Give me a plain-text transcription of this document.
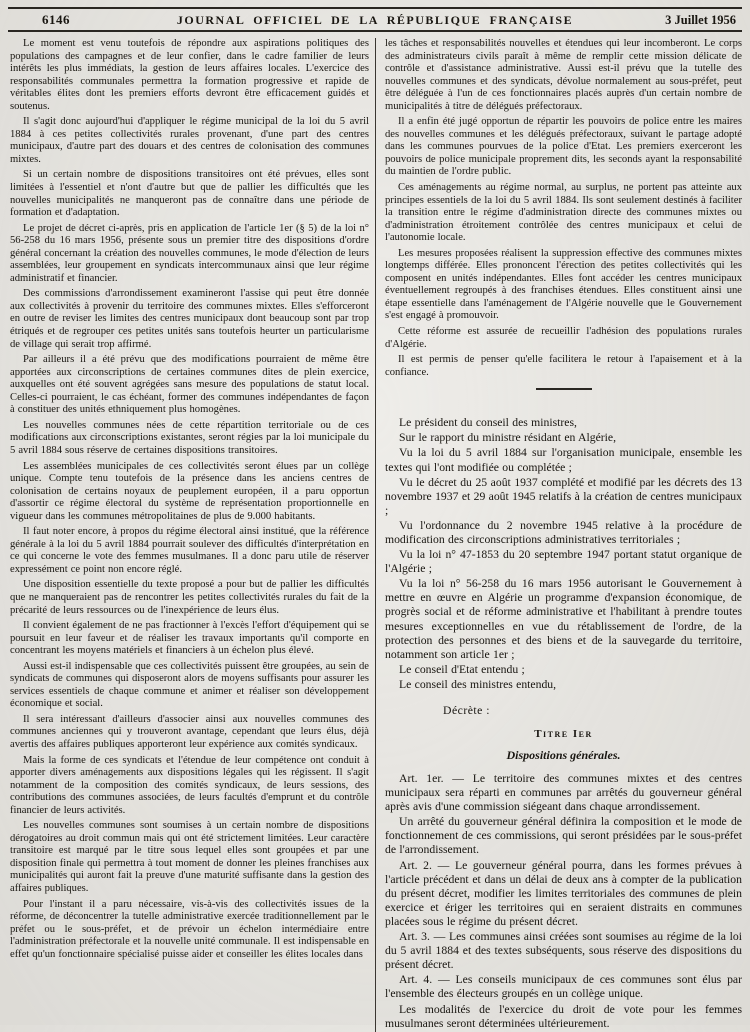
6146	JOURNAL OFFICIEL DE LA RÉPUBLIQUE FRANÇAISE	3 Juillet 1956

Le moment est venu toutefois de répondre aux aspirations politiques des populations des campagnes et de leur confier, dans le cadre familier de leurs intérêts les plus immédiats, la gestion de leurs affaires locales. L'exercice des responsabilités communales permettra la formation progressive et rapide de véritables élites dont les premiers efforts devront être efficacement guidés et soutenus.

Il s'agit donc aujourd'hui d'appliquer le régime municipal de la loi du 5 avril 1884 à ces petites collectivités rurales provenant, d'une part des centres municipaux, d'autre part des douars et des centres de colonisation des communes mixtes.

Si un certain nombre de dispositions transitoires ont été prévues, elles sont limitées à l'essentiel et n'ont d'autre but que de pallier les difficultés que les nouvelles municipalités ne manqueront pas de connaître dans une période de formation et d'adaptation.

Le projet de décret ci-après, pris en application de l'article 1er (§ 5) de la loi n° 56-258 du 16 mars 1956, présente sous un premier titre des dispositions d'ordre général concernant la création des nouvelles communes, le mode d'élection de leurs assemblées, leur groupement en syndicats intercommunaux ainsi que leur régime administratif et financier.

Des commissions d'arrondissement examineront l'assise qui peut être donnée aux collectivités à provenir du territoire des communes mixtes. Elles s'efforceront en outre de reviser les limites des centres municipaux dont beaucoup sont par trop étriqués et de regrouper ces petites unités sans toutefois heurter un particularisme de village qui serait trop affirmé.

Par ailleurs il a été prévu que des modifications pourraient de même être apportées aux circonscriptions de certaines communes dites de plein exercice, auxquelles ont été souvent agrégées sans mesure des populations de statut local. Celles-ci pourraient, le cas échéant, former des communes indépendantes de façon à constituer des unités ethniquement plus homogènes.

Les nouvelles communes nées de cette répartition territoriale ou de ces modifications aux circonscriptions existantes, seront régies par la loi municipale du 5 avril 1884 sous réserve de certaines dispositions transitoires.

Les assemblées municipales de ces collectivités seront élues par un collège unique. Compte tenu toutefois de la présence dans les anciens centres de colonisation de certains noyaux de peuplement européen, il a paru opportun d'assortir ce régime électoral du système de représentation proportionnelle en vigueur dans les communes métropolitaines de plus de 9.000 habitants.

Il faut noter encore, à propos du régime électoral ainsi institué, que la référence générale à la loi du 5 avril 1884 pourrait soulever des difficultés d'interprétation en ce qui concerne le vote des femmes musulmanes. Il a donc paru utile de réserver expressément ce point non encore réglé.

Une disposition essentielle du texte proposé a pour but de pallier les difficultés que ne manqueraient pas de rencontrer les petites collectivités rurales du fait de la précarité de leurs ressources ou de l'inexpérience de leurs élus.

Il convient également de ne pas fractionner à l'excès l'effort d'équipement qui se poursuit en leur faveur et de réaliser les travaux importants qu'il comporte en concentrant les moyens matériels et financiers à un échelon plus élevé.

Aussi est-il indispensable que ces collectivités puissent être groupées, au sein de syndicats de communes qui disposeront alors de moyens suffisants pour assurer les services essentiels de chaque commune et animer et réaliser son développement économique et social.

Il sera intéressant d'ailleurs d'associer ainsi aux nouvelles communes des communes anciennes qui y trouveront avantage, cependant que leurs élus, déjà avertis des affaires publiques apporteront leur expérience aux comités syndicaux.

Mais la forme de ces syndicats et l'étendue de leur compétence ont conduit à apporter divers aménagements aux dispositions légales qui les régissent. Il s'agit notamment de la composition des comités syndicaux, de leurs sessions, des contributions des communes associées, de leurs facultés d'emprunt et du contrôle financier de leurs activités.

Les nouvelles communes sont soumises à un certain nombre de dispositions dérogatoires au droit commun mais qui ont été strictement limitées. Leur caractère transitoire est marqué par le titre sous lequel elles sont groupées et par une disposition finale qui permettra à tout moment de donner les pleines franchises aux municipalités qui auront fait la preuve d'une maturité suffisante dans la gestion des affaires publiques.

Pour l'instant il a paru nécessaire, vis-à-vis des collectivités issues de la réforme, de déconcentrer la tutelle administrative exercée traditionnellement par le préfet ou le sous-préfet, et de prévoir un échelon intermédiaire entre l'administration préfectorale et la nouvelle unité communale. Il est indispensable en effet qu'un fonctionnaire spécialisé puisse aider et conseiller les élites locales dans

les tâches et responsabilités nouvelles et étendues qui leur incomberont. Le corps des administrateurs civils paraît à même de remplir cette mission délicate de contrôle et d'assistance administrative. Aussi est-il prévu que la tutelle des nouvelles communes et des syndicats, dévolue normalement au sous-préfet, peut être déléguée à l'un de ces fonctionnaires placés auprès d'un certain nombre de municipalités à titre de délégués préfectoraux.

Il a enfin été jugé opportun de répartir les pouvoirs de police entre les maires des nouvelles communes et les délégués préfectoraux, suivant le partage adopté dans les communes pourvues de la police d'Etat. Les premiers exerceront les pouvoirs de police municipale proprement dits, les seconds ayant la responsabilité du maintien de l'ordre public.

Ces aménagements au régime normal, au surplus, ne portent pas atteinte aux principes essentiels de la loi du 5 avril 1884. Ils sont seulement destinés à faciliter la transition entre le régime d'administration directe des communes mixtes ou d'administration étroitement contrôlée des centres municipaux et celui de l'autonomie locale.

Les mesures proposées réalisent la suppression effective des communes mixtes longtemps différée. Elles prononcent l'érection des petites collectivités qui les composent en unités indépendantes. Elles font accéder les centres municipaux éventuellement regroupés à des franchises étendues. Elles constituent ainsi une étape essentielle dans l'aménagement de l'Algérie nouvelle que le Gouvernement s'est engagé à promouvoir.

Cette réforme est assurée de recueillir l'adhésion des populations rurales d'Algérie.

Il est permis de penser qu'elle facilitera le retour à l'apaisement et à la confiance.

Le président du conseil des ministres,

Sur le rapport du ministre résidant en Algérie,

Vu la loi du 5 avril 1884 sur l'organisation municipale, ensemble les textes qui l'ont modifiée ou complétée ;

Vu le décret du 25 août 1937 complété et modifié par les décrets des 13 novembre 1937 et 29 août 1945 relatifs à la création de centres municipaux ;

Vu l'ordonnance du 2 novembre 1945 relative à la procédure de modification des circonscriptions administratives territoriales ;

Vu la loi n° 47-1853 du 20 septembre 1947 portant statut organique de l'Algérie ;

Vu la loi n° 56-258 du 16 mars 1956 autorisant le Gouvernement à mettre en œuvre en Algérie un programme d'expansion économique, de progrès social et de réforme administrative et l'habilitant à prendre toutes mesures exceptionnelles en vue du rétablissement de l'ordre, de la protection des personnes et des biens et de la sauvegarde du territoire, notamment son article 1er ;

Le conseil d'Etat entendu ;

Le conseil des ministres entendu,

Décrète :

Titre Ier
Dispositions générales.

Art. 1er. — Le territoire des communes mixtes et des centres municipaux sera réparti en communes par arrêtés du gouverneur général après avis d'une commission siégeant dans chaque arrondissement.

Un arrêté du gouverneur général définira la composition et le mode de fonctionnement de ces commissions, qui seront présidées par le sous-préfet de l'arrondissement.

Art. 2. — Le gouverneur général pourra, dans les formes prévues à l'article précédent et dans un délai de deux ans à compter de la publication du présent décret, modifier les limites territoriales des communes de plein exercice et ériger les territoires qui en seraient distraits en communes placées sous le régime du présent décret.

Art. 3. — Les communes ainsi créées sont soumises au régime de la loi du 5 avril 1884 et des textes subséquents, sous réserve des dispositions du présent décret.

Art. 4. — Les conseils municipaux de ces communes sont élus par l'ensemble des électeurs groupés en un collège unique.

Les modalités de l'exercice du droit de vote pour les femmes musulmanes seront déterminées ultérieurement.
